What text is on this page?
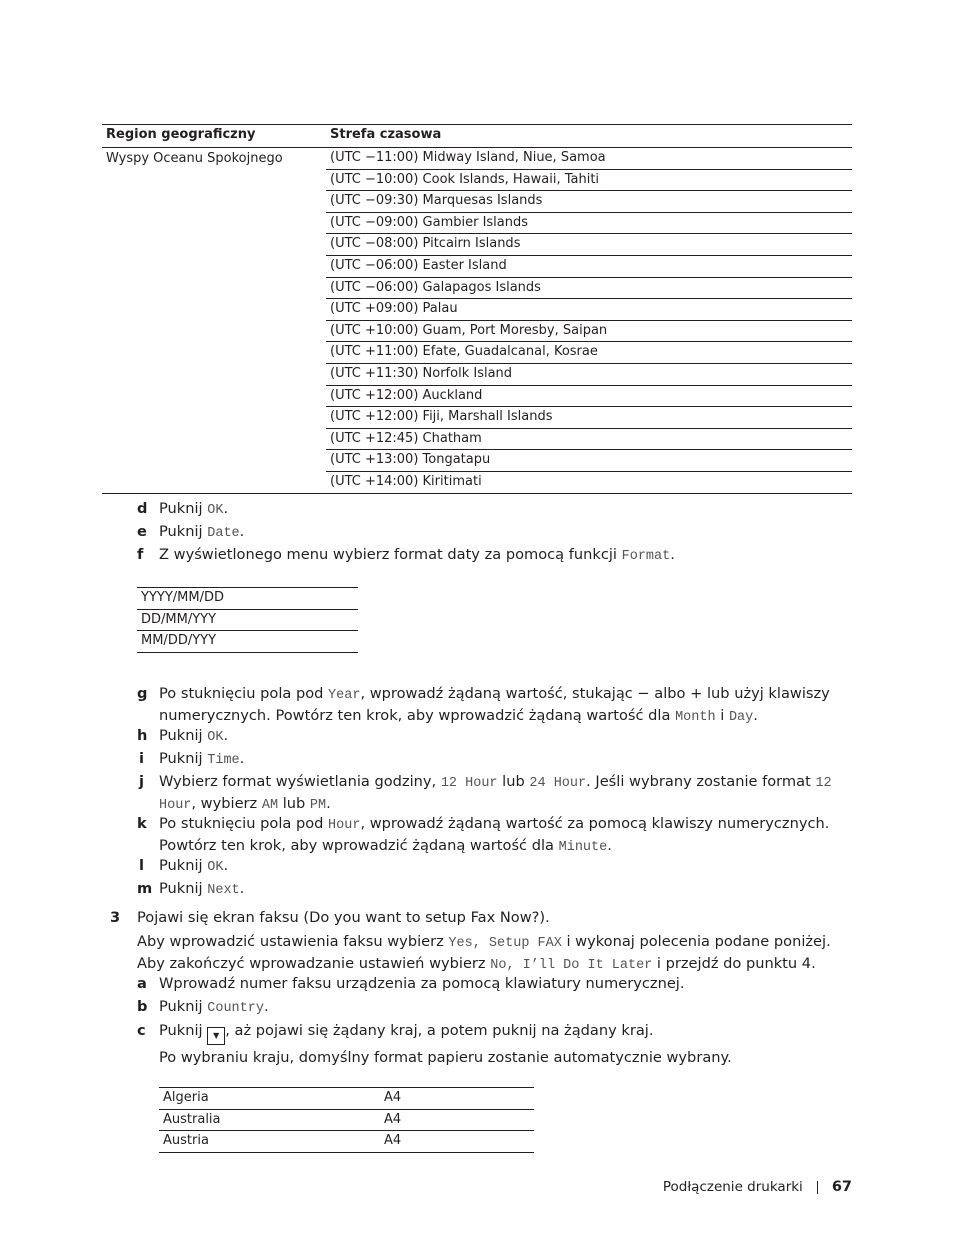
Region geograficzny	Strefa czasowa
Wyspy Oceanu Spokojnego	(UTC −11:00) Midway Island, Niue, Samoa
(UTC −10:00) Cook Islands, Hawaii, Tahiti
(UTC −09:30) Marquesas Islands
(UTC −09:00) Gambier Islands
(UTC −08:00) Pitcairn Islands
(UTC −06:00) Easter Island
(UTC −06:00) Galapagos Islands
(UTC +09:00) Palau
(UTC +10:00) Guam, Port Moresby, Saipan
(UTC +11:00) Efate, Guadalcanal, Kosrae
(UTC +11:30) Norfolk Island
(UTC +12:00) Auckland
(UTC +12:00) Fiji, Marshall Islands
(UTC +12:45) Chatham
(UTC +13:00) Tongatapu
(UTC +14:00) Kiritimati
d Puknij OK.
e Puknij Date.
f Z wyświetlonego menu wybierz format daty za pomocą funkcji Format.
YYYY/MM/DD
DD/MM/YYY
MM/DD/YYY
g Po stuknięciu pola pod Year, wprowadź żądaną wartość, stukając − albo + lub użyj klawiszy
numerycznych. Powtórz ten krok, aby wprowadzić żądaną wartość dla Month i Day.
h Puknij OK.
i Puknij Time.
j Wybierz format wyświetlania godziny, 12 Hour lub 24 Hour. Jeśli wybrany zostanie format 12
Hour, wybierz AM lub PM.
k Po stuknięciu pola pod Hour, wprowadź żądaną wartość za pomocą klawiszy numerycznych.
Powtórz ten krok, aby wprowadzić żądaną wartość dla Minute.
l Puknij OK.
m Puknij Next.
3 Pojawi się ekran faksu (Do you want to setup Fax Now?).
Aby wprowadzić ustawienia faksu wybierz Yes, Setup FAX i wykonaj polecenia podane poniżej.
Aby zakończyć wprowadzanie ustawień wybierz No, I’ll Do It Later i przejdź do punktu 4.
a Wprowadź numer faksu urządzenia za pomocą klawiatury numerycznej.
b Puknij Country.
c Puknij ▼ , aż pojawi się żądany kraj, a potem puknij na żądany kraj.
Po wybraniu kraju, domyślny format papieru zostanie automatycznie wybrany.
Algeria	A4
Australia	A4
Austria	A4
Podłączenie drukarki 67
